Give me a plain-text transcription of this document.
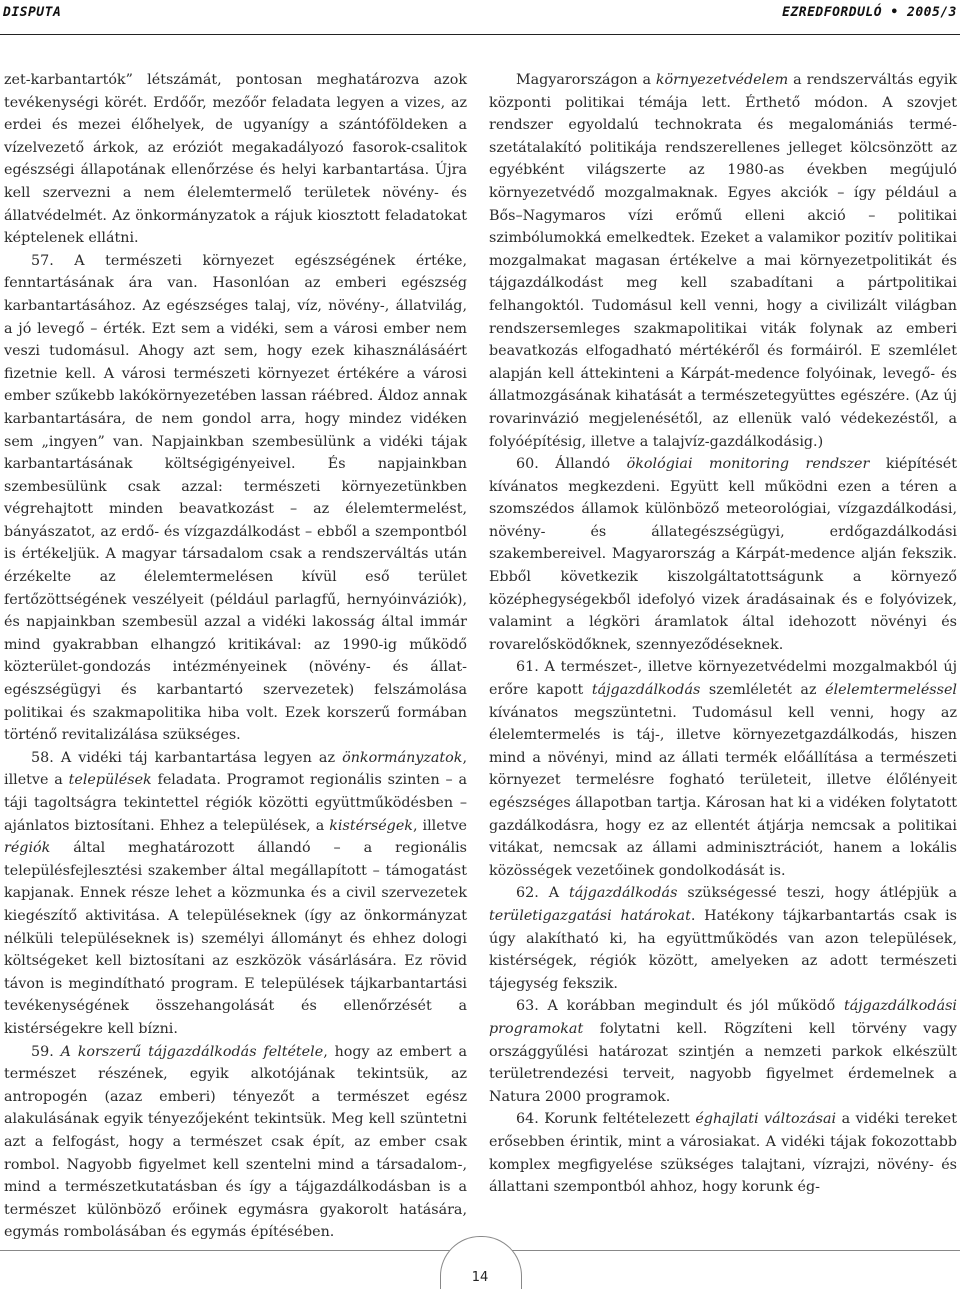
DISPUTA	EZREDFORDULÓ • 2005/3

zet-karbantartók” létszámát, pontosan meghatározva azok tevékenységi körét. Erdőőr, mezőőr feladata legyen a vizes, az erdei és mezei élőhelyek, de ugyanígy a szántóföldeken a vízelvezető árkok, az eróziót megakadályozó fasorok-csalitok egészségi állapotának ellenőrzése és helyi karbantartása. Újra kell szervezni a nem élelemtermelő területek növény- és állatvédelmét. Az önkormányzatok a rájuk kiosztott feladatokat képtelenek ellátni.

57. A természeti környezet egészségének értéke, fenntartásának ára van. Hasonlóan az emberi egészség karbantartásához. Az egészséges talaj, víz, növény-, állatvilág, a jó levegő – érték. Ezt sem a vidéki, sem a városi ember nem veszi tudomásul. Ahogy azt sem, hogy ezek kihasználásáért fizetnie kell. A városi természeti környezet értékére a városi ember szűkebb lakókörnyezetében lassan ráébred. Áldoz annak karbantartására, de nem gondol arra, hogy mindez vidéken sem „ingyen” van. Napjainkban szembesülünk a vidéki tájak karbantartásának költségigényeivel. És napjainkban szembesülünk csak azzal: természeti környezetünkben végrehajtott minden beavatkozást – az élelemtermelést, bányászatot, az erdő- és vízgazdálkodást – ebből a szempontból is értékeljük. A magyar társadalom csak a rendszerváltás után érzékelte az élelemtermelésen kívül eső terület fertőzöttségének veszélyeit (például parlagfű, hernyóinváziók), és napjainkban szembesül azzal a vidéki lakosság által immár mind gyakrabban elhangzó kritikával: az 1990-ig működő közterület-gondozás intézményeinek (növény- és állat-egészségügyi és karbantartó szervezetek) felszámolása politikai és szakmapolitika hiba volt. Ezek korszerű formában történő revitalizálása szükséges.

58. A vidéki táj karbantartása legyen az önkormányzatok, illetve a települések feladata. Programot regionális szinten – a táji tagoltságra tekintettel régiók közötti együttműködésben – ajánlatos biztosítani. Ehhez a települések, a kistérségek, illetve régiók által meghatározott állandó – a regionális településfejlesztési szakember által megállapított – támogatást kapjanak. Ennek része lehet a közmunka és a civil szervezetek kiegészítő aktivitása. A településeknek (így az önkormányzat nélküli településeknek is) személyi állományt és ehhez dologi költségeket kell biztosítani az eszközök vásárlására. Ez rövid távon is megindítható program. E települések tájkarbantartási tevékenységének összehangolását és ellenőrzését a kistérségekre kell bízni.

59. A korszerű tájgazdálkodás feltétele, hogy az embert a természet részének, egyik alkotójának tekintsük, az antropogén (azaz emberi) tényezőt a természet egész alakulásának egyik tényezőjeként tekintsük. Meg kell szüntetni azt a felfogást, hogy a természet csak épít, az ember csak rombol. Nagyobb figyelmet kell szentelni mind a társadalom-, mind a természetkutatásban és így a tájgazdálkodásban is a természet különböző erőinek egymásra gyakorolt hatására, egymás rombolásában és egymás építésében.

Magyarországon a környezetvédelem a rendszerváltás egyik központi politikai témája lett. Érthető módon. A szovjet rendszer egyoldalú technokrata és megalomániás természetátalakító politikája rendszerellenes jelleget kölcsönzött az egyébként világszerte az 1980-as években megújuló környezetvédő mozgalmaknak. Egyes akciók – így például a Bős–Nagymaros vízi erőmű elleni akció – politikai szimbólumokká emelkedtek. Ezeket a valamikor pozitív politikai mozgalmakat magasan értékelve a mai környezetpolitikát és tájgazdálkodást meg kell szabadítani a pártpolitikai felhangoktól. Tudomásul kell venni, hogy a civilizált világban rendszersemleges szakmapolitikai viták folynak az emberi beavatkozás elfogadható mértékéről és formáiról. E szemlélet alapján kell áttekinteni a Kárpát-medence folyóinak, levegő- és állatmozgásának kihatását a természetegyüttes egészére. (Az új rovarinvázió megjelenésétől, az ellenük való védekezéstől, a folyóépítésig, illetve a talajvíz-gazdálkodásig.)

60. Állandó ökológiai monitoring rendszer kiépítését kívánatos megkezdeni. Együtt kell működni ezen a téren a szomszédos államok különböző meteorológiai, vízgazdálkodási, növény- és állategészségügyi, erdőgazdálkodási szakembereivel. Magyarország a Kárpát-medence alján fekszik. Ebből következik kiszolgáltatottságunk a környező középhegységekből idefolyó vizek áradásainak és e folyóvizek, valamint a légköri áramlatok által idehozott növényi és rovarelősködőknek, szennyeződéseknek.

61. A természet-, illetve környezetvédelmi mozgalmakból új erőre kapott tájgazdálkodás szemléletét az élelemtermeléssel kívánatos megszüntetni. Tudomásul kell venni, hogy az élelemtermelés is táj-, illetve környezetgazdálkodás, hiszen mind a növényi, mind az állati termék előállítása a természeti környezet termelésre fogható területeit, illetve élőlényeit egészséges állapotban tartja. Károsan hat ki a vidéken folytatott gazdálkodásra, hogy ez az ellentét átjárja nemcsak a politikai vitákat, nemcsak az állami adminisztrációt, hanem a lokális közösségek vezetőinek gondolkodását is.

62. A tájgazdálkodás szükségessé teszi, hogy átlépjük a területigazgatási határokat. Hatékony tájkarbantartás csak is úgy alakítható ki, ha együttműködés van azon települések, kistérségek, régiók között, amelyeken az adott természeti tájegység fekszik.

63. A korábban megindult és jól működő tájgazdálkodási programokat folytatni kell. Rögzíteni kell törvény vagy országgyűlési határozat szintjén a nemzeti parkok elkészült területrendezési terveit, nagyobb figyelmet érdemelnek a Natura 2000 programok.

64. Korunk feltételezett éghajlati változásai a vidéki tereket erősebben érintik, mint a városiakat. A vidéki tájak fokozottabb komplex megfigyelése szükséges talajtani, vízrajzi, növény- és állattani szempontból ahhoz, hogy korunk ég-

14
